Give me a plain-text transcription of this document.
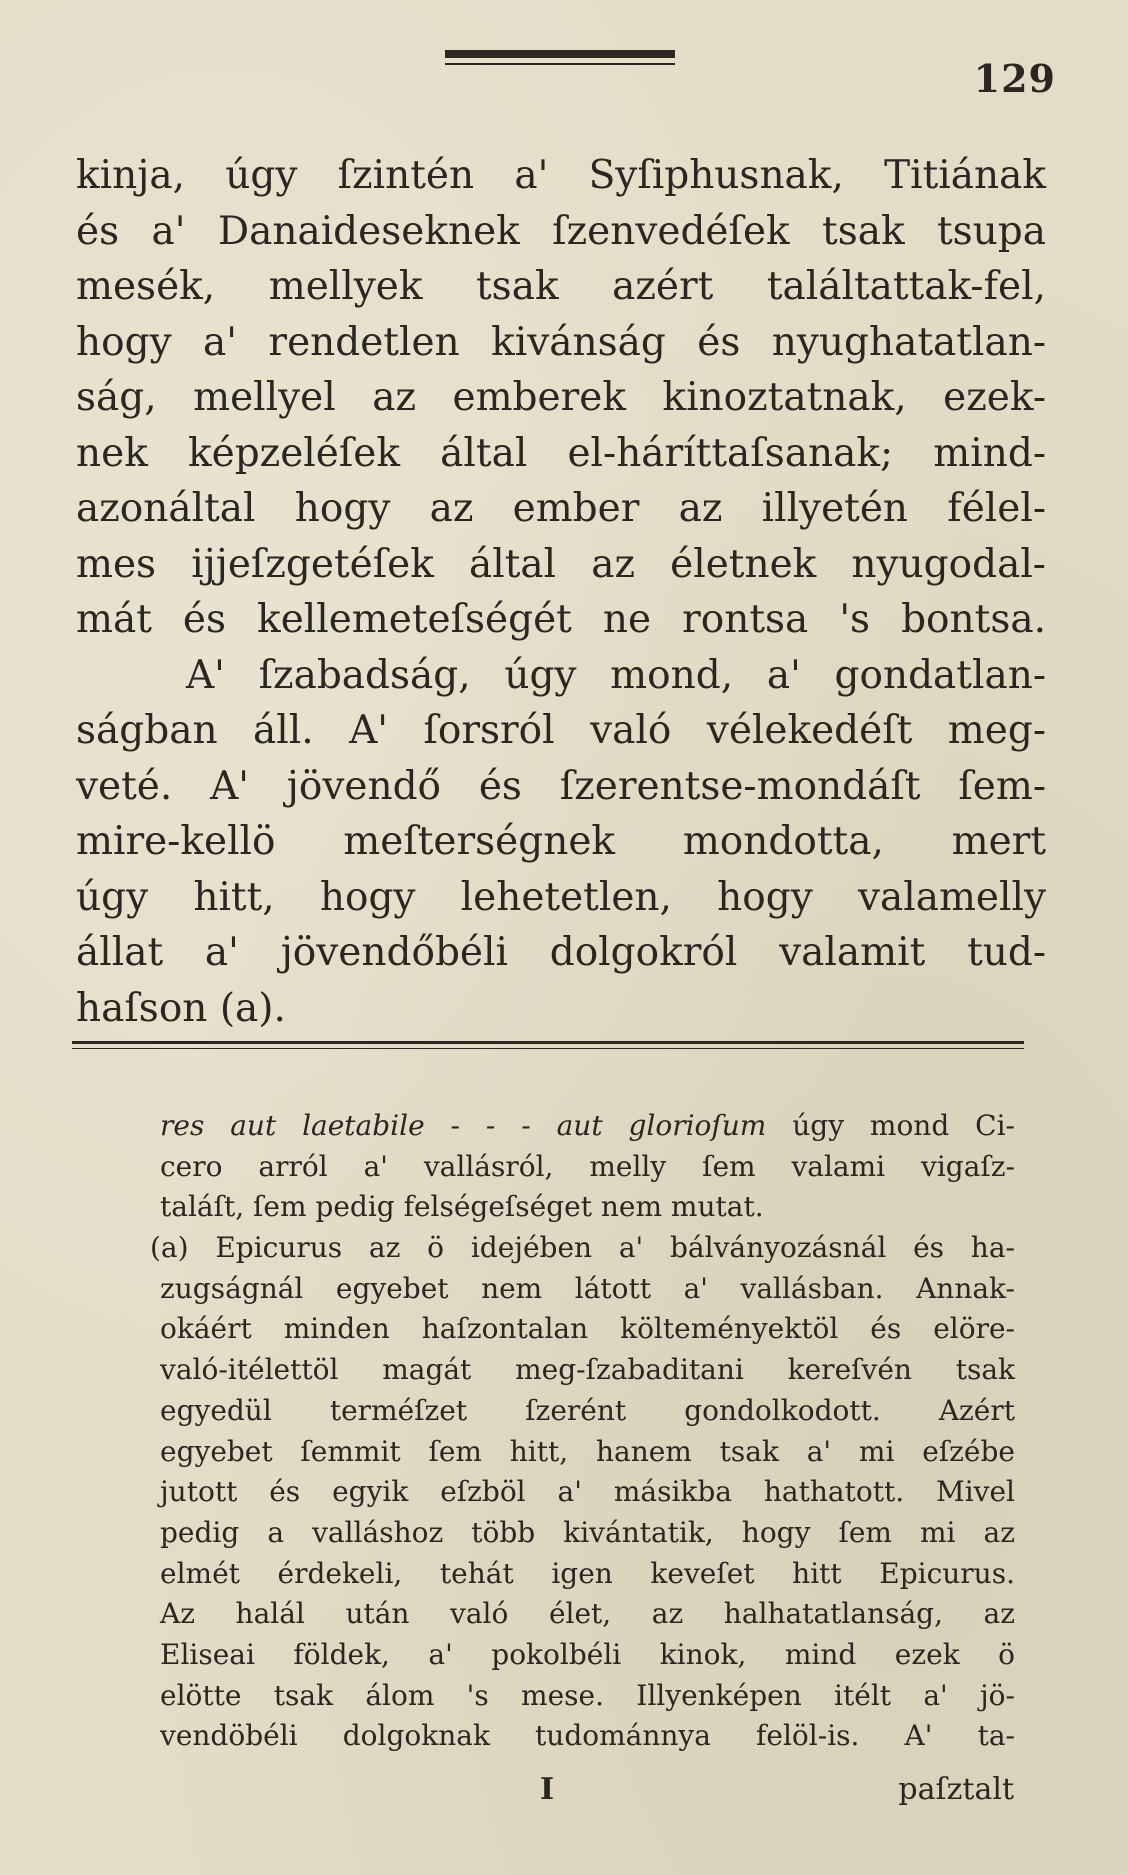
129
kinja, úgy ſzintén a' Syſiphusnak, Titiának
és a' Danaideseknek ſzenvedéſek tsak tsupa
mesék, mellyek tsak azért találtattak-fel,
hogy a' rendetlen kivánság és nyughatatlan-
ság, mellyel az emberek kinoztatnak, ezek-
nek képzeléſek által el-háríttaſsanak; mind-
azonáltal hogy az ember az illyetén félel-
mes ijjeſzgetéſek által az életnek nyugodal-
mát és kellemeteſségét ne rontsa 's bontsa.
A' ſzabadság, úgy mond, a' gondatlan-
ságban áll. A' ſorsról való vélekedéſt meg-
veté. A' jövendő és ſzerentse-mondáſt ſem-
mire-kellö meſterségnek mondotta, mert
úgy hitt, hogy lehetetlen, hogy valamelly
állat a' jövendőbéli dolgokról valamit tud-
haſson (a).
res aut laetabile - - - aut glorioſum úgy mond Ci-
cero arról a' vallásról, melly ſem valami vigaſz-
taláſt, ſem pedig felségeſséget nem mutat.
(a) Epicurus az ö idejében a' bálványozásnál és ha-
zugságnál egyebet nem látott a' vallásban. Annak-
okáért minden haſzontalan költeményektöl és elöre-
való-itélettöl magát meg-ſzabaditani kereſvén tsak
egyedül terméſzet ſzerént gondolkodott. Azért
egyebet ſemmit ſem hitt, hanem tsak a' mi eſzébe
jutott és egyik eſzböl a' másikba hathatott. Mivel
pedig a valláshoz több kivántatik, hogy ſem mi az
elmét érdekeli, tehát igen keveſet hitt Epicurus.
Az halál után való élet, az halhatatlanság, az
Eliseai földek, a' pokolbéli kinok, mind ezek ö
elötte tsak álom 's mese. Illyenképen itélt a' jö-
vendöbéli dolgoknak tudománnya felöl-is. A' ta-
I	paſztalt
